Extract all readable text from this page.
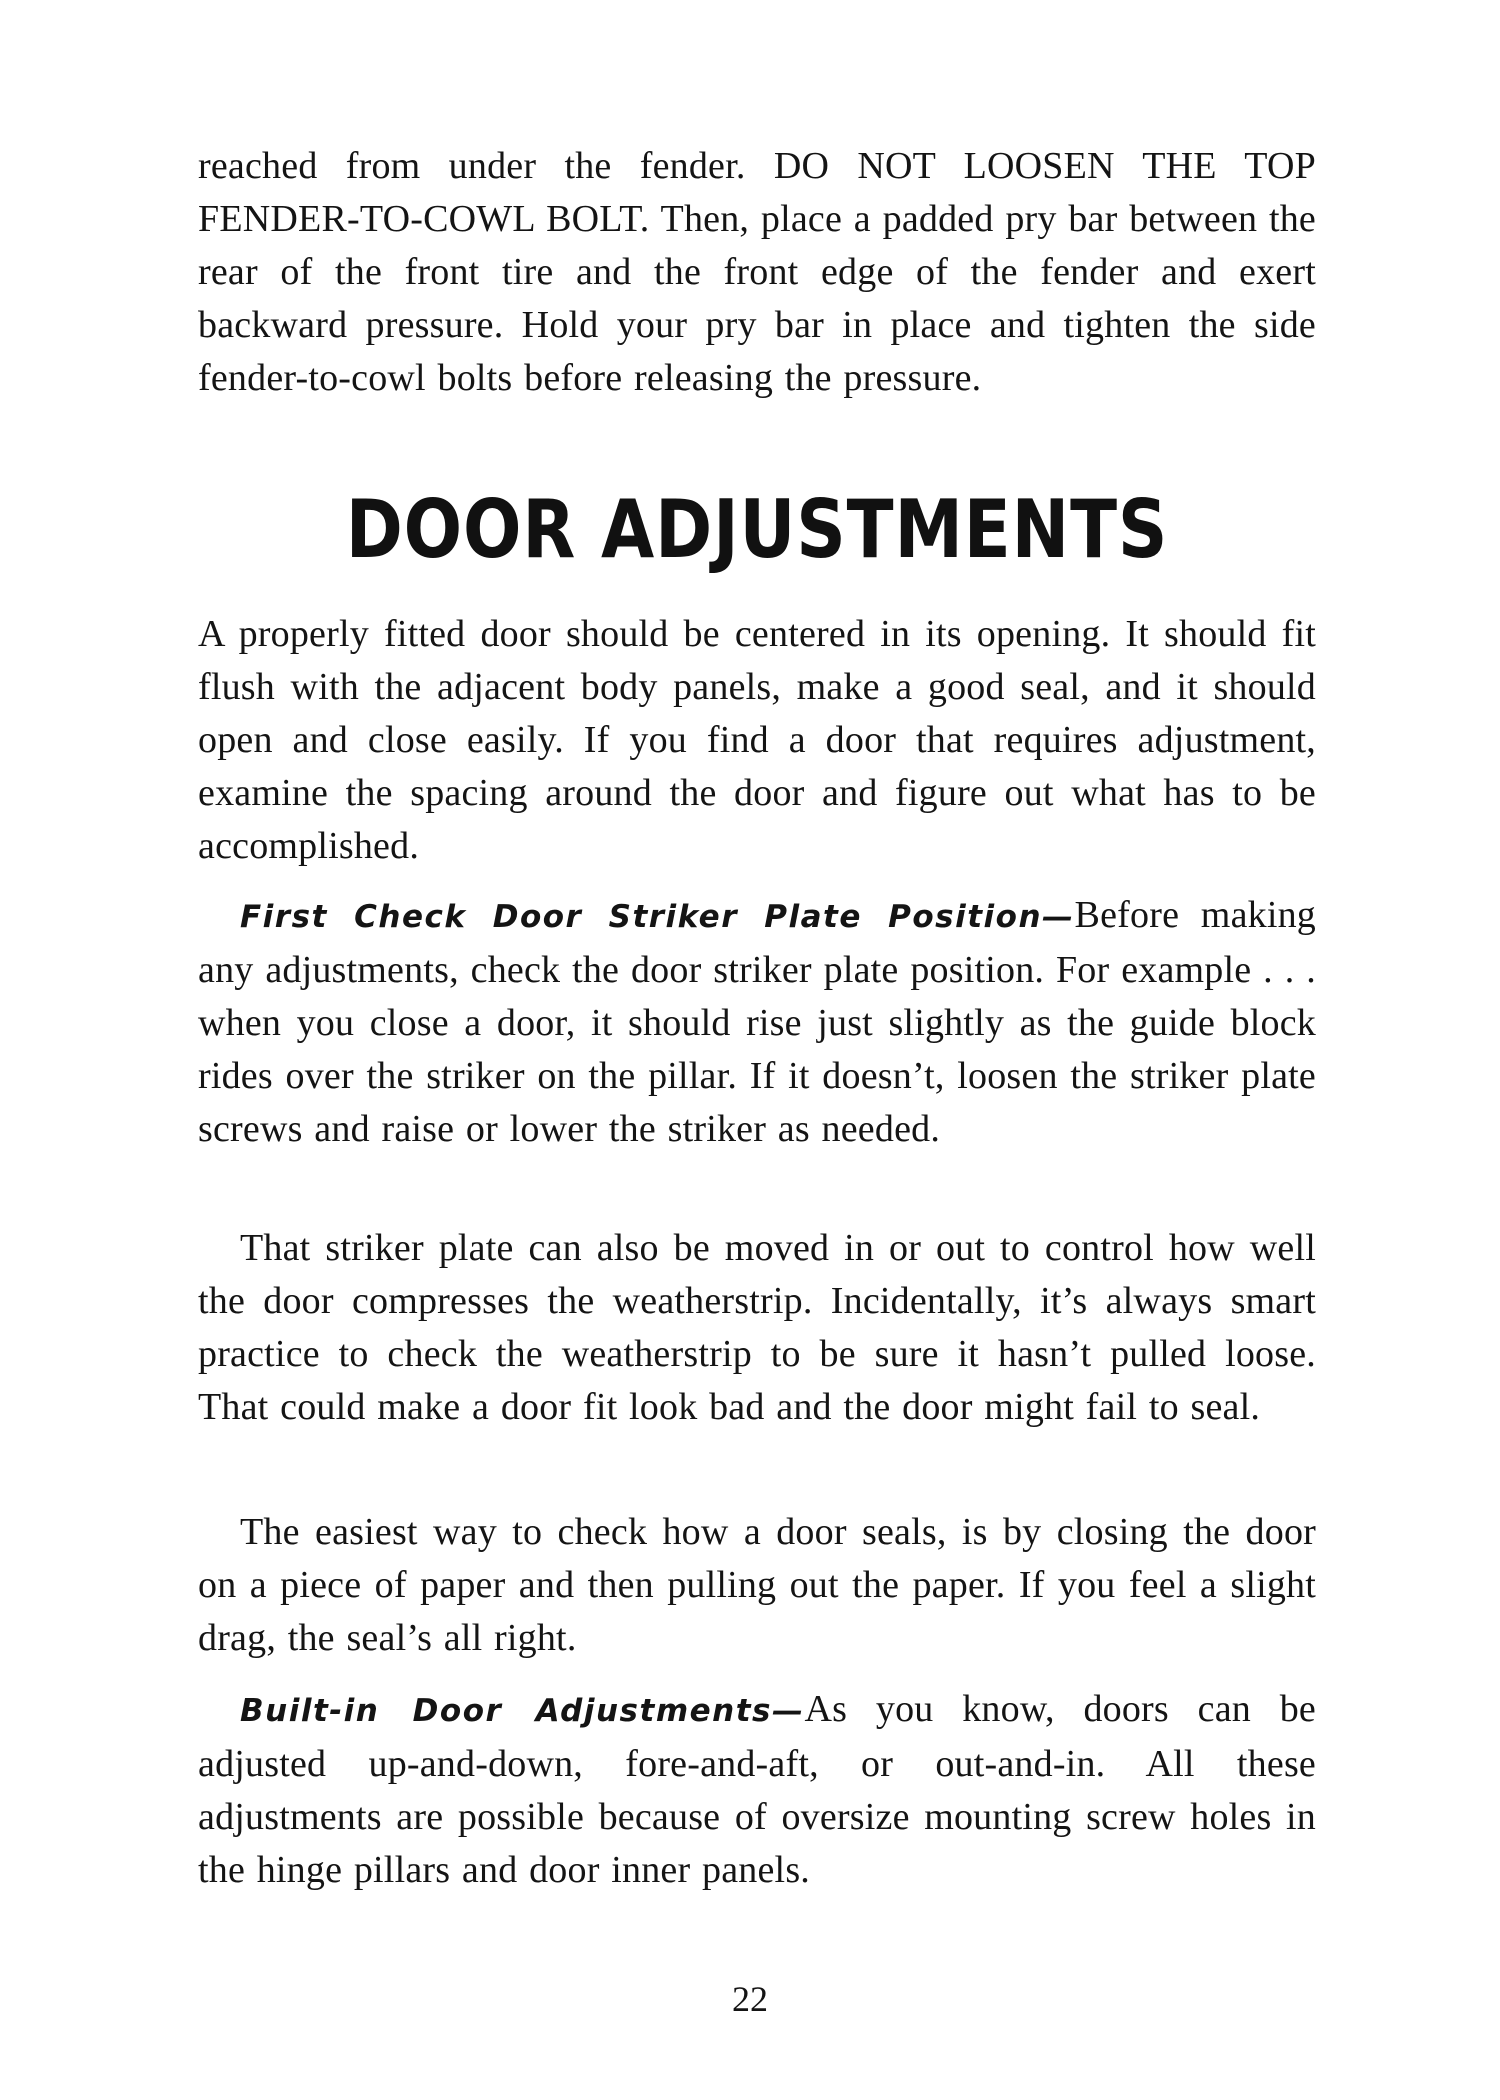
reached from under the fender. DO NOT LOOSEN THE TOP FENDER-TO-COWL BOLT. Then, place a padded pry bar between the rear of the front tire and the front edge of the fender and exert backward pressure. Hold your pry bar in place and tighten the side fender-to-cowl bolts before releasing the pressure.

DOOR ADJUSTMENTS

A properly fitted door should be centered in its opening. It should fit flush with the adjacent body panels, make a good seal, and it should open and close easily. If you find a door that requires adjustment, examine the spacing around the door and figure out what has to be accomplished.

First Check Door Striker Plate Position—Before making any adjustments, check the door striker plate position. For example . . . when you close a door, it should rise just slightly as the guide block rides over the striker on the pillar. If it doesn’t, loosen the striker plate screws and raise or lower the striker as needed.

That striker plate can also be moved in or out to control how well the door compresses the weatherstrip. Incidentally, it’s always smart practice to check the weatherstrip to be sure it hasn’t pulled loose. That could make a door fit look bad and the door might fail to seal.

The easiest way to check how a door seals, is by closing the door on a piece of paper and then pulling out the paper. If you feel a slight drag, the seal’s all right.

Built-in Door Adjustments—As you know, doors can be adjusted up-and-down, fore-and-aft, or out-and-in. All these adjustments are possible because of oversize mounting screw holes in the hinge pillars and door inner panels.

22
